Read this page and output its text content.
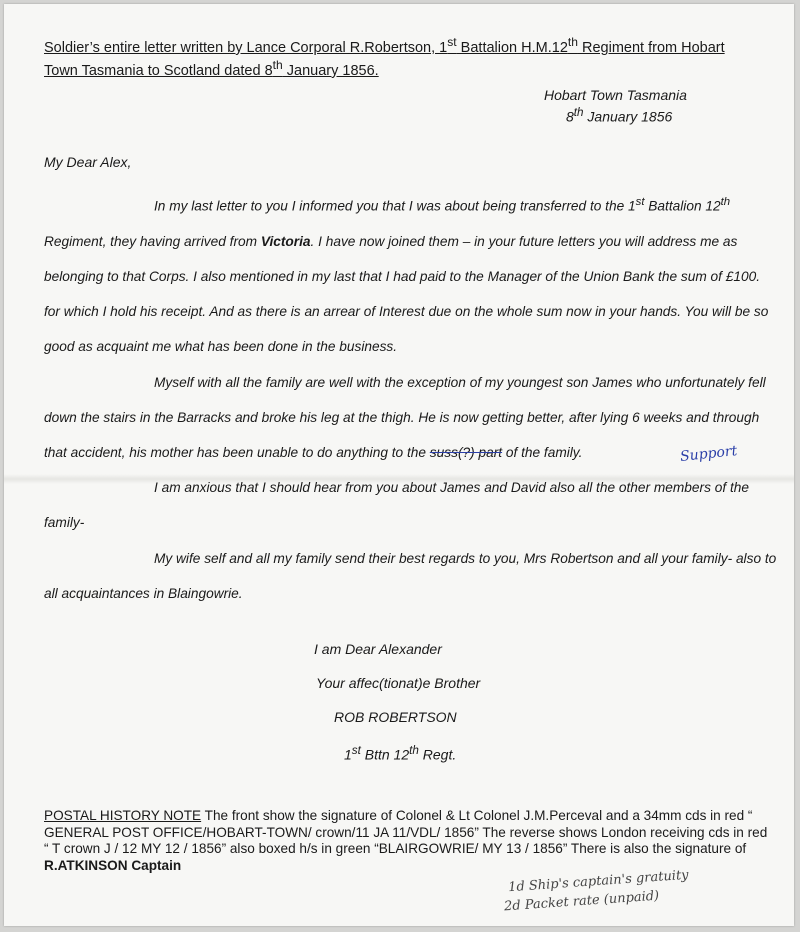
Soldier’s entire letter written by Lance Corporal R.Robertson, 1st Battalion H.M.12th Regiment from Hobart
Town Tasmania to Scotland dated 8th January 1856.
Hobart Town Tasmania
8th January 1856
My Dear Alex,

In my last letter to you I informed you that I was about being transferred to the 1st Battalion 12th Regiment, they having arrived from Victoria. I have now joined them – in your future letters you will address me as belonging to that Corps. I also mentioned in my last that I had paid to the Manager of the Union Bank the sum of £100. for which I hold his receipt. And as there is an arrear of Interest due on the whole sum now in your hands. You will be so good as acquaint me what has been done in the business.

Myself with all the family are well with the exception of my youngest son James who unfortunately fell down the stairs in the Barracks and broke his leg at the thigh. He is now getting better, after lying 6 weeks and through that accident, his mother has been unable to do anything to the suss(?) part of the family.

I am anxious that I should hear from you about James and David also all the other members of the family-

My wife self and all my family send their best regards to you, Mrs Robertson and all your family- also to all acquaintances in Blaingowrie.

Support
I am Dear Alexander
Your affec(tionat)e Brother
ROB ROBERTSON
1st Bttn 12th Regt.
POSTAL HISTORY NOTE The front show the signature of Colonel & Lt Colonel J.M.Perceval and a 34mm cds in red “ GENERAL POST OFFICE/HOBART-TOWN/ crown/11 JA 11/VDL/ 1856” The reverse shows London receiving cds in red “ T crown J / 12 MY 12 / 1856” also boxed h/s in green “BLAIRGOWRIE/ MY 13 / 1856” There is also the signature of R.ATKINSON Captain
1d Ship's captain's gratuity
2d Packet rate (unpaid)
